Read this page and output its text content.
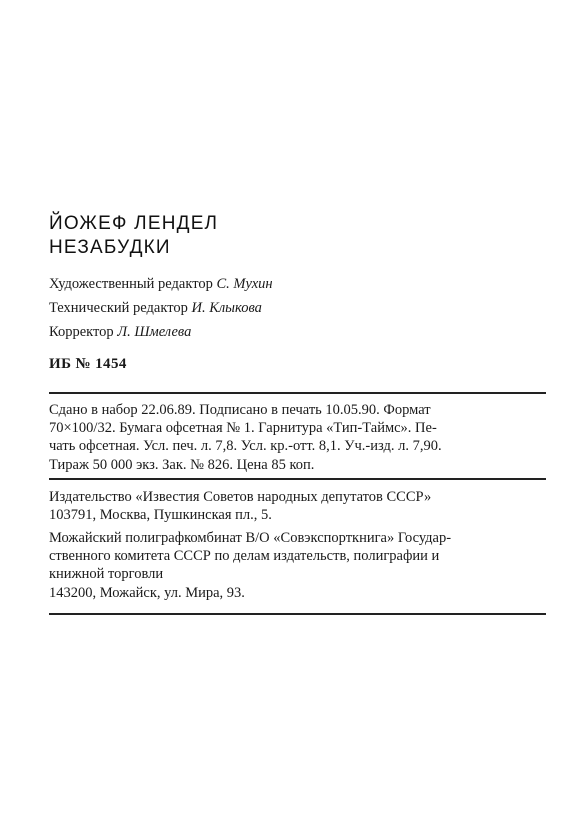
ЙОЖЕФ ЛЕНДЕЛ
НЕЗАБУДКИ
Художественный редактор С. Мухин
Технический редактор И. Клыкова
Корректор Л. Шмелева
ИБ № 1454
Сдано в набор 22.06.89. Подписано в печать 10.05.90. Формат
70×100/32. Бумага офсетная № 1. Гарнитура «Тип-Таймс». Пе-
чать офсетная. Усл. печ. л. 7,8. Усл. кр.-отт. 8,1. Уч.-изд. л. 7,90.
Тираж 50 000 экз. Зак. № 826. Цена 85 коп.
Издательство «Известия Советов народных депутатов СССР»
103791, Москва, Пушкинская пл., 5.
Можайский полиграфкомбинат В/О «Совэкспорткнига» Государ-
ственного комитета СССР по делам издательств, полиграфии и
книжной торговли
143200, Можайск, ул. Мира, 93.
